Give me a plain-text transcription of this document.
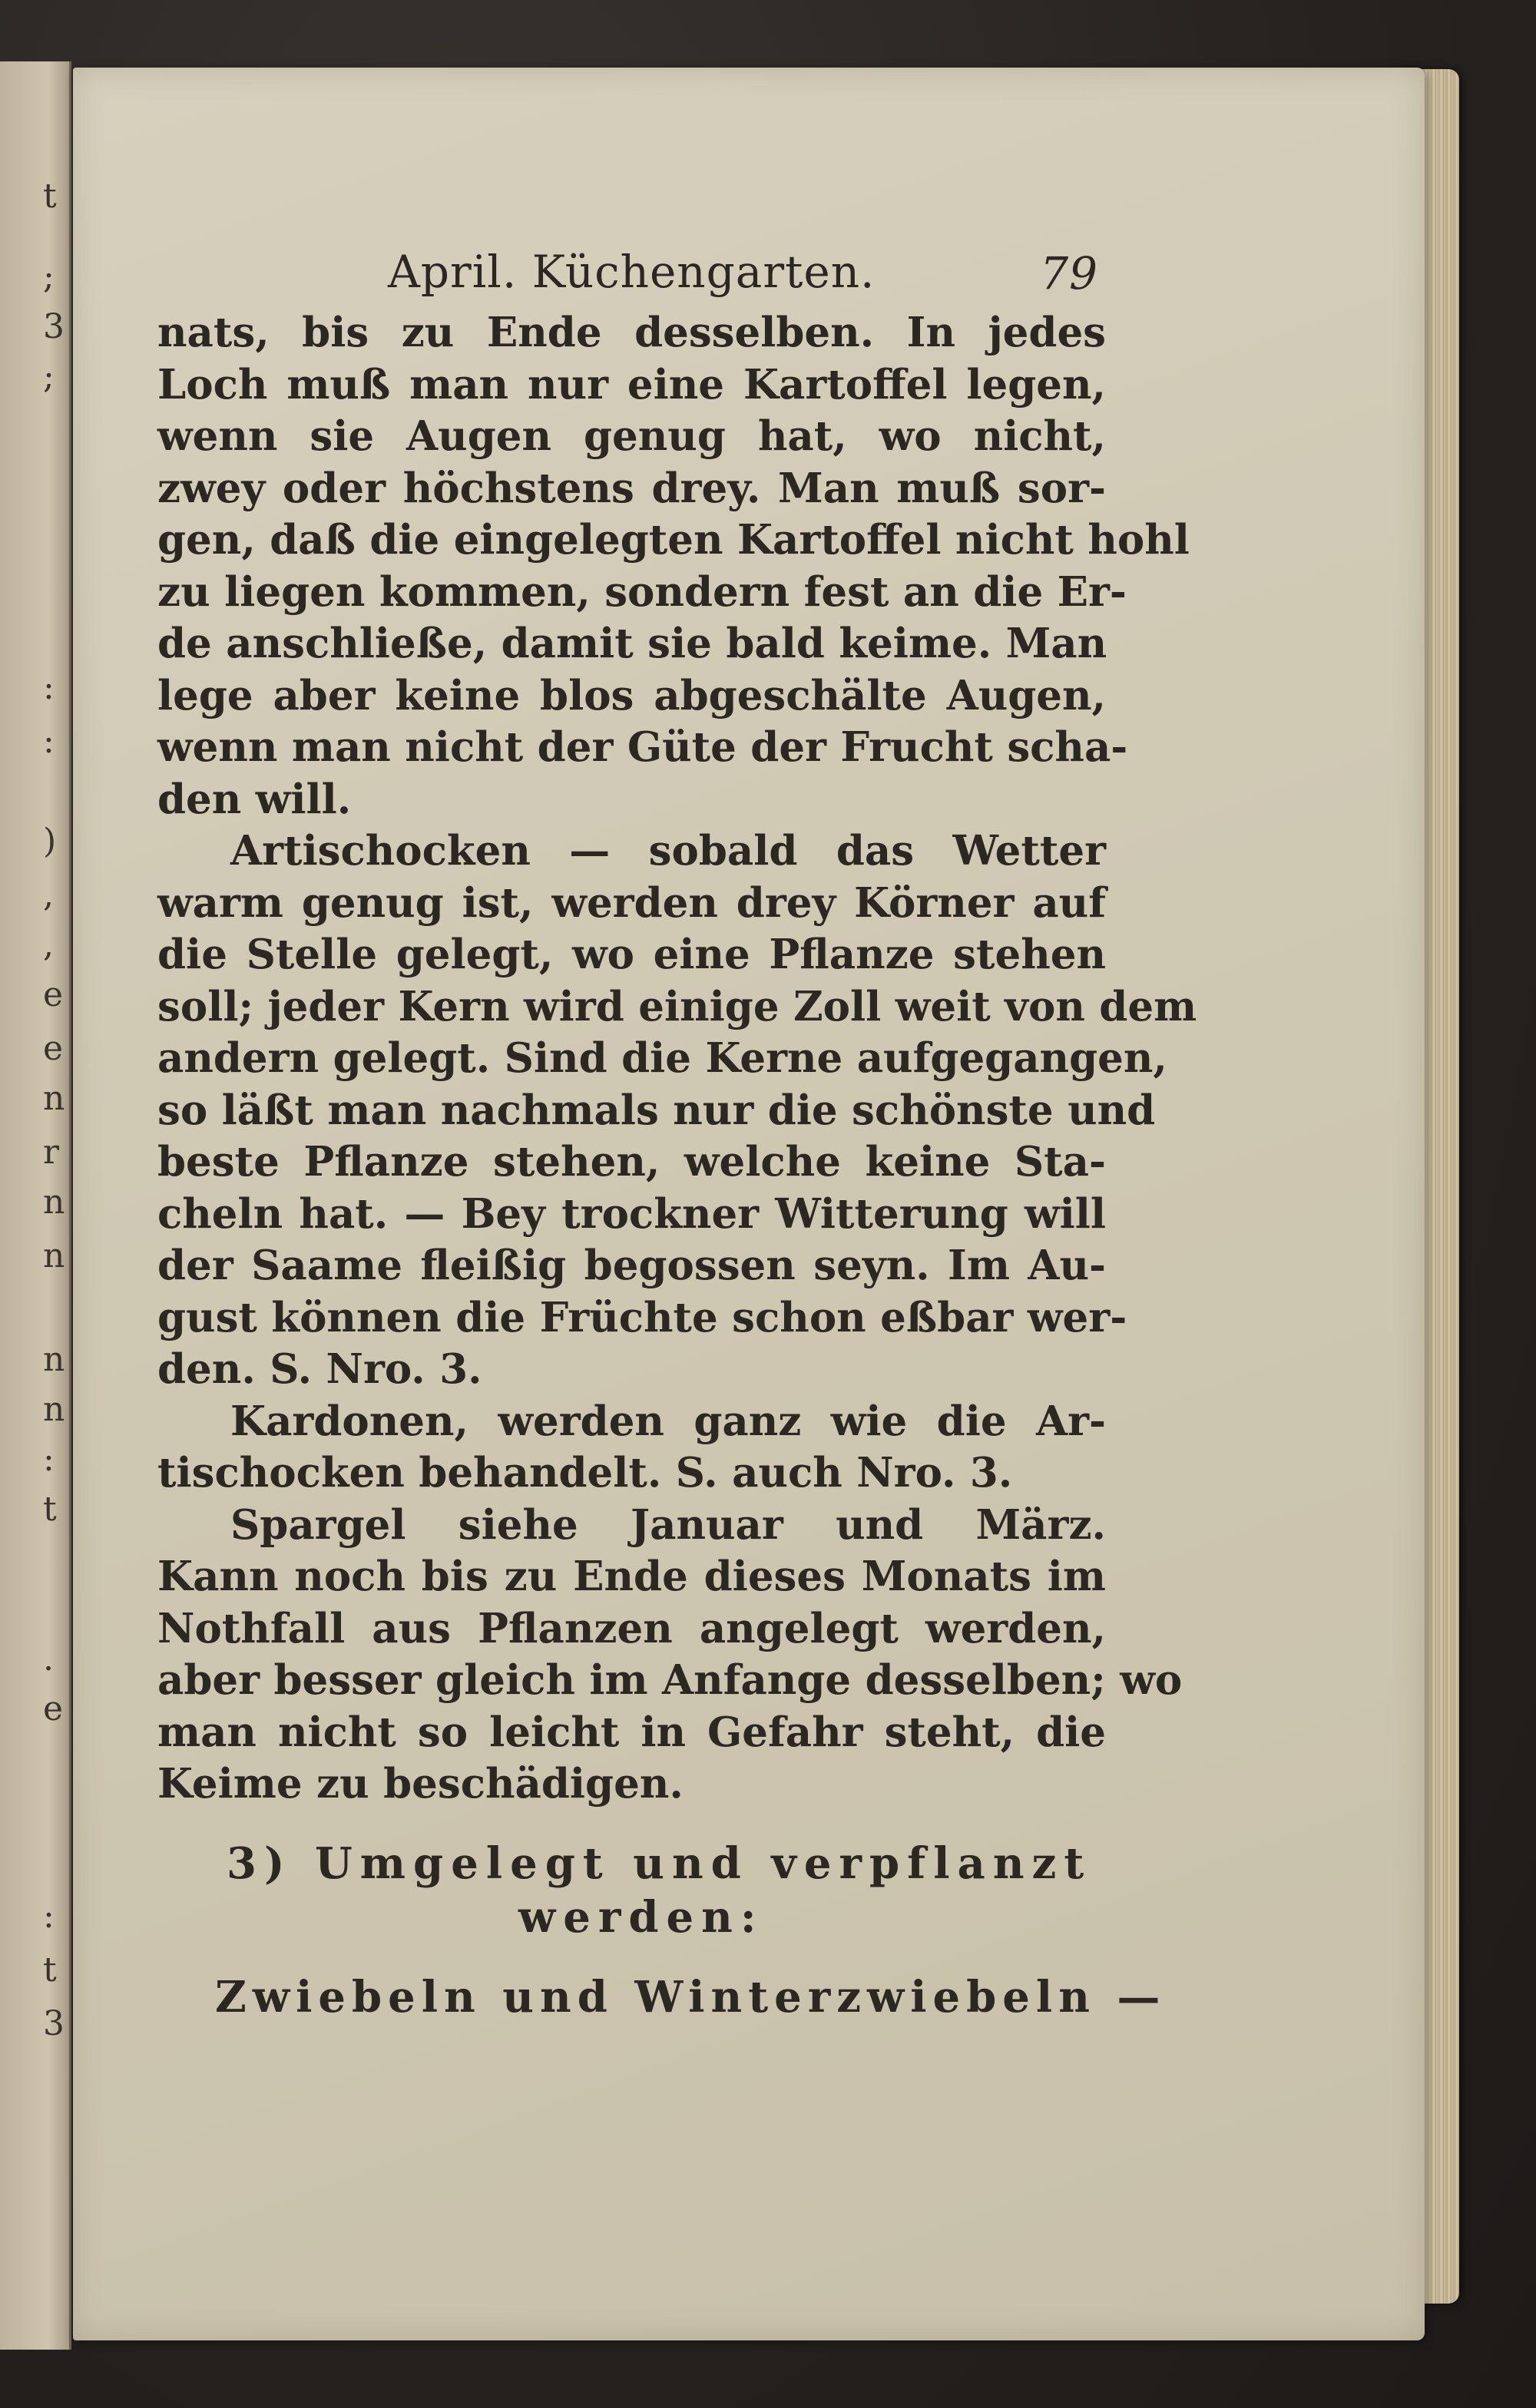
t
;
3
;
:
:
)
,
,
e
e
n
r
n
n
n
n
:
t
.
e
:
t
3
April. Küchengarten.	79
nats, bis zu Ende desselben. In jedes
Loch muß man nur eine Kartoffel legen,
wenn sie Augen genug hat, wo nicht,
zwey oder höchstens drey. Man muß sor-
gen, daß die eingelegten Kartoffel nicht hohl
zu liegen kommen, sondern fest an die Er-
de anschließe, damit sie bald keime. Man
lege aber keine blos abgeschälte Augen,
wenn man nicht der Güte der Frucht scha-
den will.
Artischocken — sobald das Wetter
warm genug ist, werden drey Körner auf
die Stelle gelegt, wo eine Pflanze stehen
soll; jeder Kern wird einige Zoll weit von dem
andern gelegt. Sind die Kerne aufgegangen,
so läßt man nachmals nur die schönste und
beste Pflanze stehen, welche keine Sta-
cheln hat. — Bey trockner Witterung will
der Saame fleißig begossen seyn. Im Au-
gust können die Früchte schon eßbar wer-
den. S. Nro. 3.
Kardonen, werden ganz wie die Ar-
tischocken behandelt. S. auch Nro. 3.
Spargel siehe Januar und März.
Kann noch bis zu Ende dieses Monats im
Nothfall aus Pflanzen angelegt werden,
aber besser gleich im Anfange desselben; wo
man nicht so leicht in Gefahr steht, die
Keime zu beschädigen.
3) Umgelegt und verpflanzt
werden:
Zwiebeln und Winterzwiebeln —
